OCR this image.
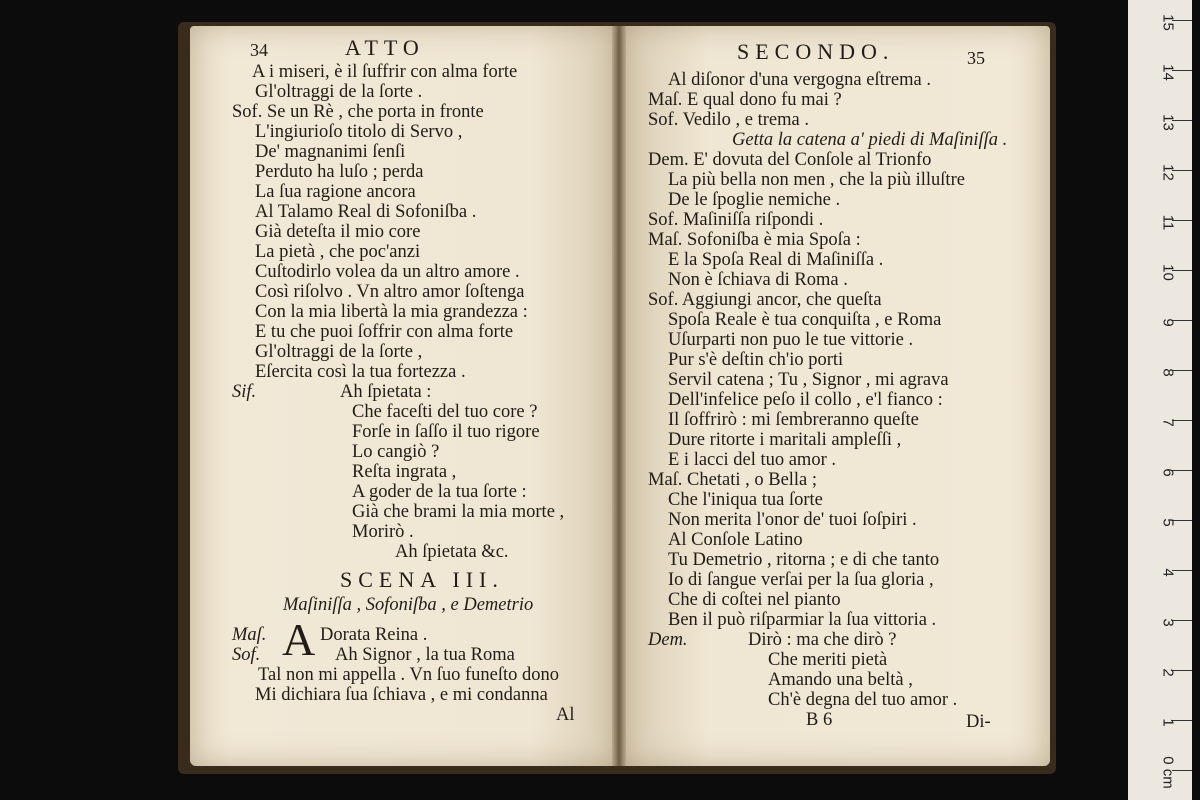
34	ATTO
A i miseri, è il ſuffrir con alma forte
Gl'oltraggi de la ſorte .
Sof. Se un Rè , che porta in fronte
L'ingiurioſo titolo di Servo ,
De' magnanimi ſenſi
Perduto ha luſo ; perda
La ſua ragione ancora
Al Talamo Real di Sofoniſba .
Già deteſta il mio core
La pietà , che poc'anzi
Cuſtodirlo volea da un altro amore .
Così riſolvo . Vn altro amor ſoſtenga
Con la mia libertà la mia grandezza :
E tu che puoi ſoffrir con alma forte
Gl'oltraggi de la ſorte ,
Eſercita così la tua fortezza .
Sif.	Ah ſpietata :
Che faceſti del tuo core ?
Forſe in ſaſſo il tuo rigore
Lo cangiò ?
Reſta ingrata ,
A goder de la tua ſorte :
Già che brami la mia morte ,
Morirò .
Ah ſpietata &c.
SCENA III.
Maſiniſſa , Sofoniſba , e Demetrio
Maſ. A Dorata Reina .
Sof.	Ah Signor , la tua Roma
Tal non mi appella . Vn ſuo funeſto dono
Mi dichiara ſua ſchiava , e mi condanna
Al
SECONDO.	35
Al diſonor d'una vergogna eſtrema .
Maſ. E qual dono fu mai ?
Sof. Vedilo , e trema .
Getta la catena a' piedi di Maſiniſſa .
Dem. E' dovuta del Conſole al Trionfo
La più bella non men , che la più illuſtre
De le ſpoglie nemiche .
Sof. Maſiniſſa riſpondi .
Maſ. Sofoniſba è mia Spoſa :
E la Spoſa Real di Maſiniſſa .
Non è ſchiava di Roma .
Sof. Aggiungi ancor, che queſta
Spoſa Reale è tua conquiſta , e Roma
Uſurparti non puo le tue vittorie .
Pur s'è deſtin ch'io porti
Servil catena ; Tu , Signor , mi agrava
Dell'infelice peſo il collo , e'l fianco :
Il ſoffrirò : mi ſembreranno queſte
Dure ritorte i maritali ampleſſi ,
E i lacci del tuo amor .
Maſ. Chetati , o Bella ;
Che l'iniqua tua ſorte
Non merita l'onor de' tuoi ſoſpiri .
Al Conſole Latino
Tu Demetrio , ritorna ; e di che tanto
Io di ſangue verſai per la ſua gloria ,
Che di coſtei nel pianto
Ben il può riſparmiar la ſua vittoria .
Dem.	Dirò : ma che dirò ?
Che meriti pietà
Amando una beltà ,
Ch'è degna del tuo amor .
B 6	Di-
15
14
13
12
11
10
9
8
7
6
5
4
3
2
1
0 cm
